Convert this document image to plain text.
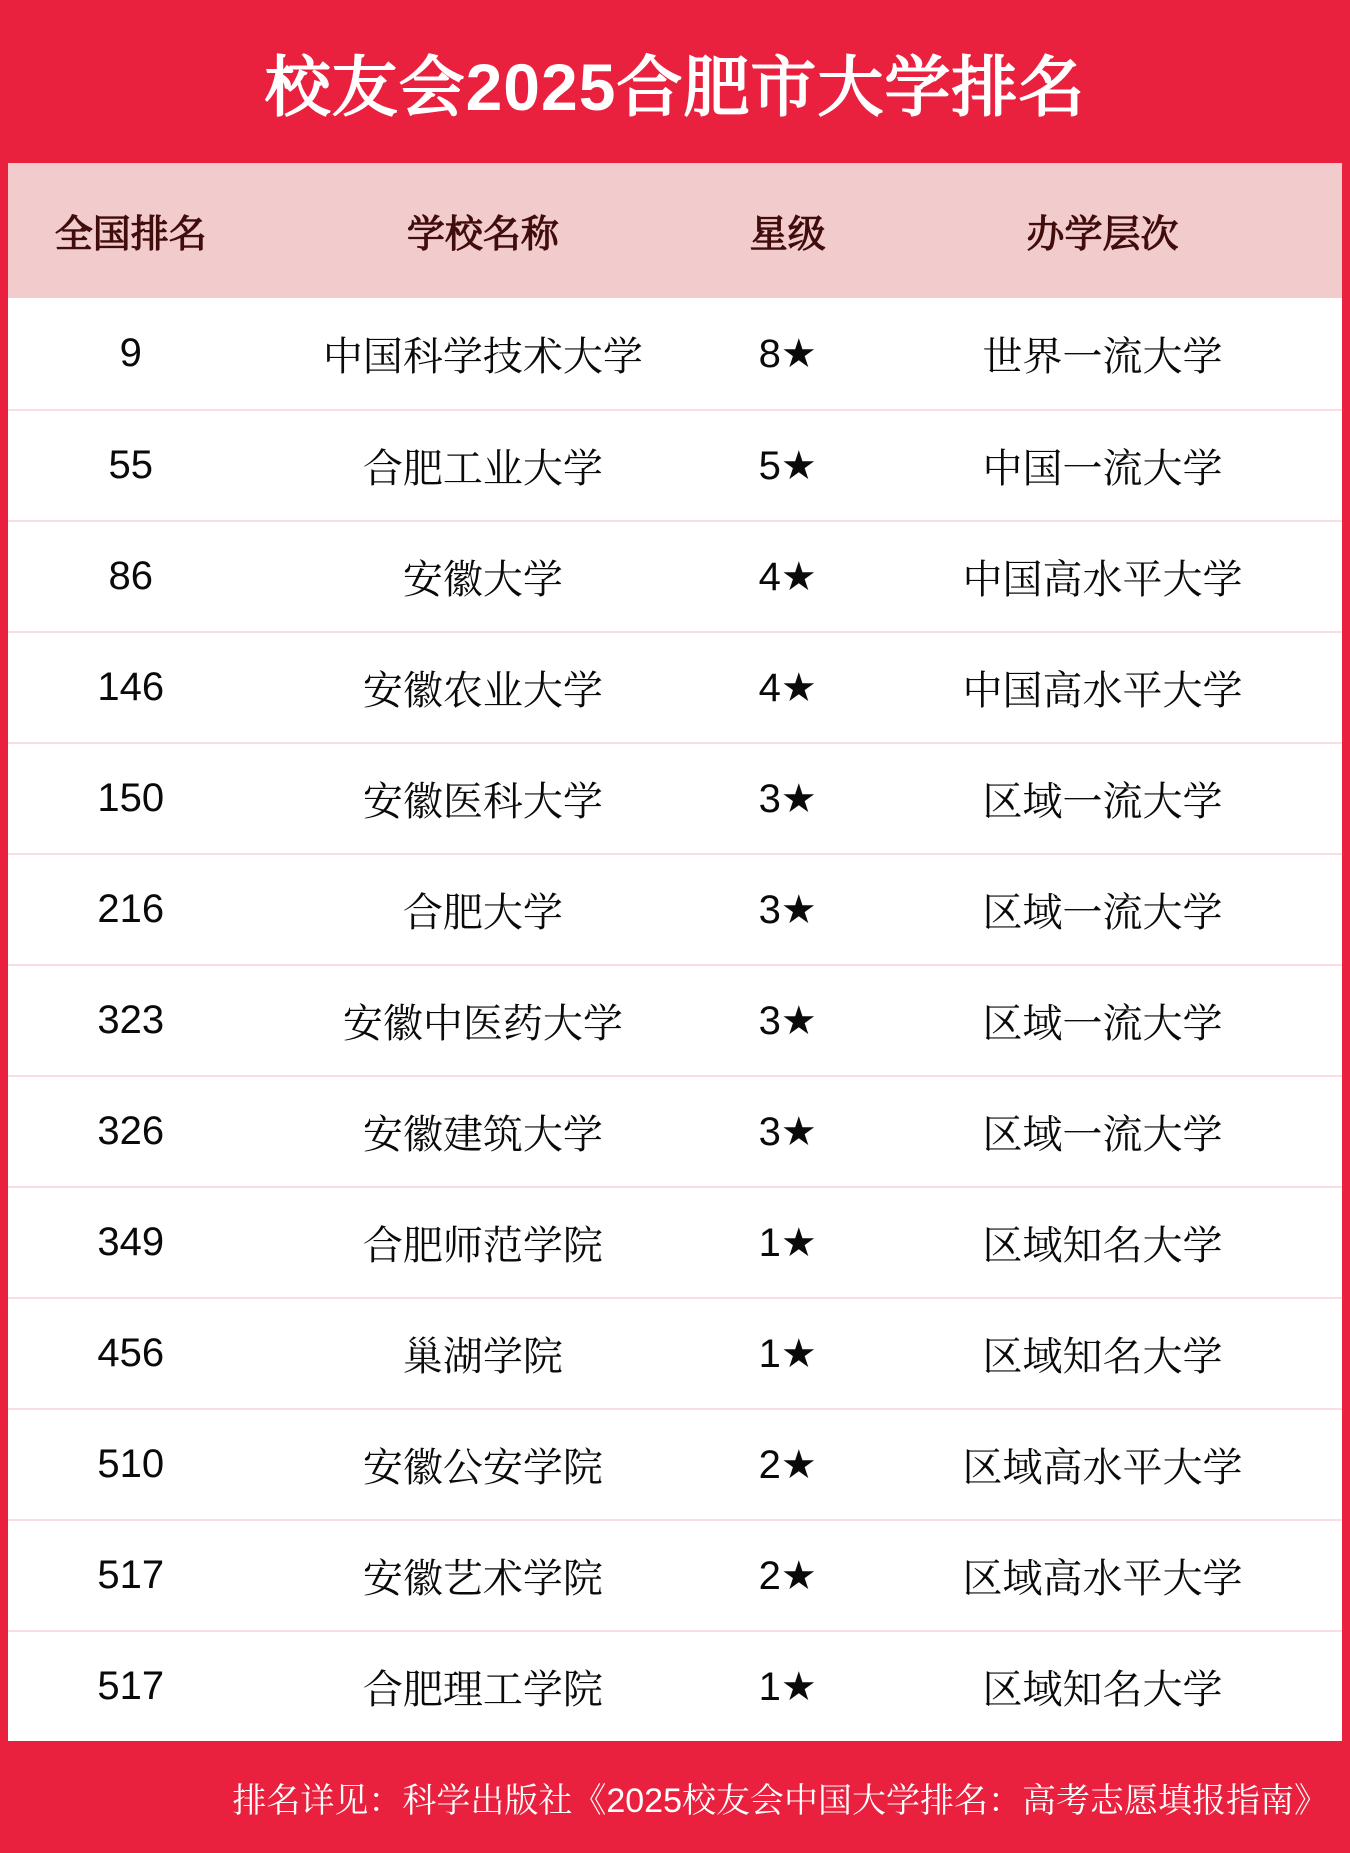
校友会2025合肥市大学排名
全国排名	学校名称	星级	办学层次
9	中国科学技术大学	8★	世界一流大学
55	合肥工业大学	5★	中国一流大学
86	安徽大学	4★	中国高水平大学
146	安徽农业大学	4★	中国高水平大学
150	安徽医科大学	3★	区域一流大学
216	合肥大学	3★	区域一流大学
323	安徽中医药大学	3★	区域一流大学
326	安徽建筑大学	3★	区域一流大学
349	合肥师范学院	1★	区域知名大学
456	巢湖学院	1★	区域知名大学
510	安徽公安学院	2★	区域高水平大学
517	安徽艺术学院	2★	区域高水平大学
517	合肥理工学院	1★	区域知名大学
排名详见：科学出版社《2025校友会中国大学排名：高考志愿填报指南》
